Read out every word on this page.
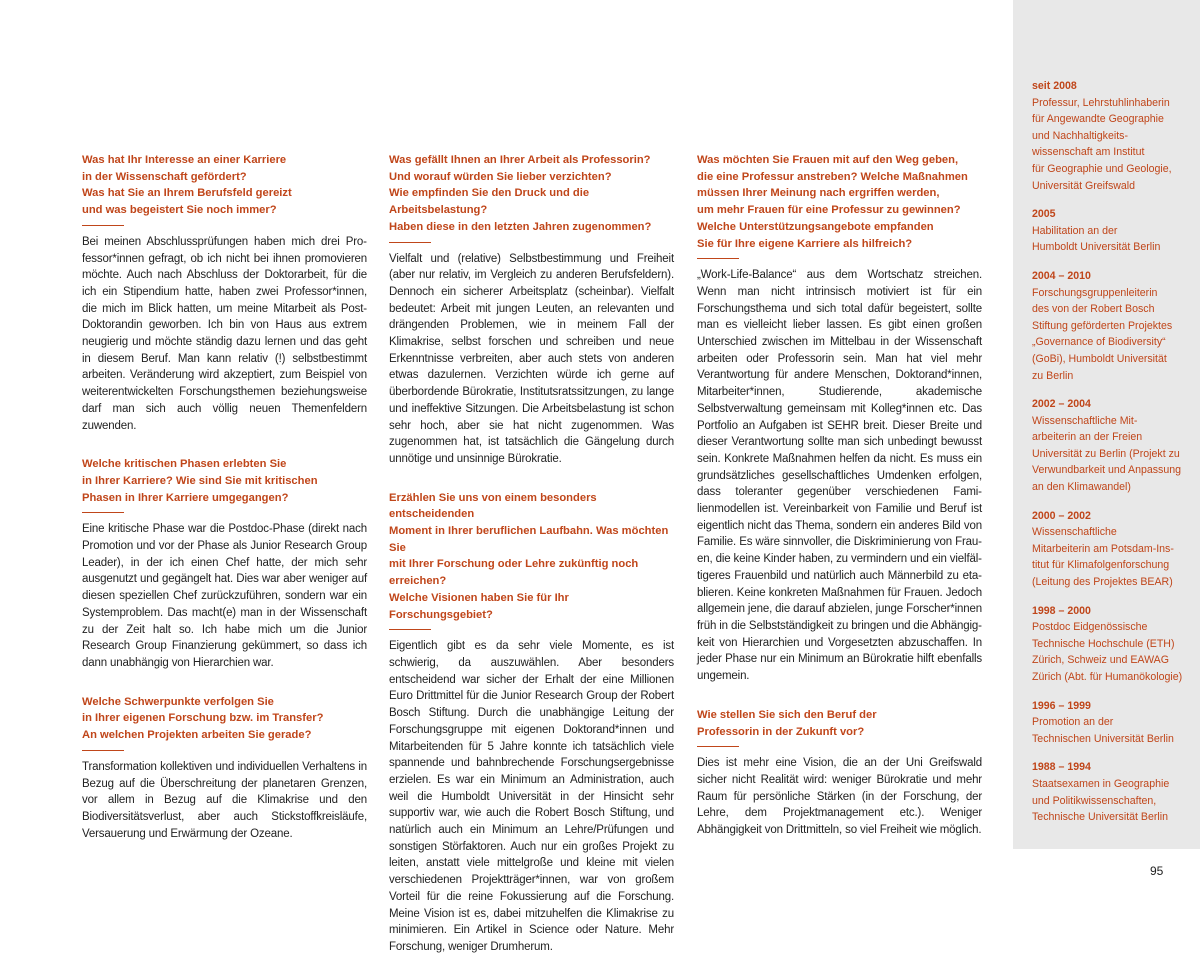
Was hat Ihr Interesse an einer Karriere
in der Wissenschaft gefördert?
Was hat Sie an Ihrem Berufsfeld gereizt
und was begeistert Sie noch immer?

Bei meinen Abschlussprüfungen haben mich drei Professor*innen gefragt, ob ich nicht bei ihnen promovieren möchte. Auch nach Abschluss der Doktorarbeit, für die ich ein Stipendium hatte, haben zwei Professor*innen, die mich im Blick hatten, um meine Mitarbeit als Post-Doktorandin geworben. Ich bin von Haus aus extrem neugierig und möchte ständig dazu lernen und das geht in diesem Beruf. Man kann relativ (!) selbstbestimmt arbeiten. Veränderung wird akzeptiert, zum Beispiel von weiterentwickelten Forschungsthemen beziehungsweise darf man sich auch völlig neuen Themenfeldern zuwenden.

Welche kritischen Phasen erlebten Sie
in Ihrer Karriere? Wie sind Sie mit kritischen
Phasen in Ihrer Karriere umgegangen?

Eine kritische Phase war die Postdoc-Phase (direkt nach Promotion und vor der Phase als Junior Research Group Leader), in der ich einen Chef hatte, der mich sehr ausgenutzt und gegängelt hat. Dies war aber weniger auf diesen speziellen Chef zurückzuführen, sondern war ein Systemproblem. Das macht(e) man in der Wissenschaft zu der Zeit halt so. Ich habe mich um die Junior Research Group Finanzierung gekümmert, so dass ich dann unabhängig von Hierarchien war.

Welche Schwerpunkte verfolgen Sie
in Ihrer eigenen Forschung bzw. im Transfer?
An welchen Projekten arbeiten Sie gerade?

Transformation kollektiven und individuellen Verhaltens in Bezug auf die Überschreitung der planetaren Grenzen, vor allem in Bezug auf die Klimakrise und den Biodiversitätsverlust, aber auch Stickstoffkreisläufe, Versauerung und Erwärmung der Ozeane.

Was gefällt Ihnen an Ihrer Arbeit als Professorin?
Und worauf würden Sie lieber verzichten?
Wie empfinden Sie den Druck und die Arbeitsbelastung?
Haben diese in den letzten Jahren zugenommen?

Vielfalt und (relative) Selbstbestimmung und Freiheit (aber nur relativ, im Vergleich zu anderen Berufsfeldern). Dennoch ein sicherer Arbeitsplatz (scheinbar). Vielfalt bedeutet: Arbeit mit jungen Leuten, an relevanten und drängenden Problemen, wie in meinem Fall der Klimakrise, selbst forschen und schreiben und neue Erkenntnisse verbreiten, aber auch stets von anderen etwas dazulernen. Verzichten würde ich gerne auf überbordende Bürokratie, Institutsratssitzungen, zu lange und ineffektive Sitzungen. Die Arbeitsbelastung ist schon sehr hoch, aber sie hat nicht zugenommen. Was zugenommen hat, ist tatsächlich die Gängelung durch unnötige und unsinnige Bürokratie.

Erzählen Sie uns von einem besonders entscheidenden
Moment in Ihrer beruflichen Laufbahn. Was möchten Sie
mit Ihrer Forschung oder Lehre zukünftig noch erreichen?
Welche Visionen haben Sie für Ihr Forschungsgebiet?

Eigentlich gibt es da sehr viele Momente, es ist schwierig, da auszuwählen. Aber besonders entscheidend war sicher der Erhalt der eine Millionen Euro Drittmittel für die Junior Research Group der Robert Bosch Stiftung. Durch die unabhängige Leitung der Forschungsgruppe mit eigenen Doktorand*innen und Mitarbeitenden für 5 Jahre konnte ich tatsächlich viele spannende und bahnbrechende Forschungsergebnisse erzielen. Es war ein Minimum an Administration, auch weil die Humboldt Universität in der Hinsicht sehr supportiv war, wie auch die Robert Bosch Stiftung, und natürlich auch ein Minimum an Lehre/Prüfungen und sonstigen Störfaktoren. Auch nur ein großes Projekt zu leiten, anstatt viele mittelgroße und kleine mit vielen verschiedenen Projektträger*innen, war von großem Vorteil für die reine Fokussierung auf die Forschung. Meine Vision ist es, dabei mitzuhelfen die Klimakrise zu minimieren. Ein Artikel in Science oder Nature. Mehr Forschung, weniger Drumherum.

Was möchten Sie Frauen mit auf den Weg geben,
die eine Professur anstreben? Welche Maßnahmen
müssen Ihrer Meinung nach ergriffen werden,
um mehr Frauen für eine Professur zu gewinnen?
Welche Unterstützungsangebote empfanden
Sie für Ihre eigene Karriere als hilfreich?

„Work-Life-Balance“ aus dem Wortschatz streichen. Wenn man nicht intrinsisch motiviert ist für ein Forschungsthema und sich total dafür begeistert, sollte man es vielleicht lieber lassen. Es gibt einen großen Unterschied zwischen im Mittelbau in der Wissenschaft arbeiten oder Professorin sein. Man hat viel mehr Verantwortung für andere Menschen, Doktorand*innen, Mitarbeiter*innen, Studierende, akademische Selbstverwaltung gemeinsam mit Kolleg*innen etc. Das Portfolio an Aufgaben ist SEHR breit. Dieser Breite und dieser Verantwortung sollte man sich unbedingt bewusst sein. Konkrete Maßnahmen helfen da nicht. Es muss ein grundsätzliches gesellschaftliches Umdenken erfolgen, dass toleranter gegenüber verschiedenen Familienmodellen ist. Vereinbarkeit von Familie und Beruf ist eigentlich nicht das Thema, sondern ein anderes Bild von Familie. Es wäre sinnvoller, die Diskriminierung von Frauen, die keine Kinder haben, zu vermindern und ein vielfältigeres Frauenbild und natürlich auch Männerbild zu etablieren. Keine konkreten Maßnahmen für Frauen. Jedoch allgemein jene, die darauf abzielen, junge Forscher*innen früh in die Selbstständigkeit zu bringen und die Abhängigkeit von Hierarchien und Vorgesetzten abzuschaffen. In jeder Phase nur ein Minimum an Bürokratie hilft ebenfalls ungemein.

Wie stellen Sie sich den Beruf der
Professorin in der Zukunft vor?

Dies ist mehr eine Vision, die an der Uni Greifswald sicher nicht Realität wird: weniger Bürokratie und mehr Raum für persönliche Stärken (in der Forschung, der Lehre, dem Projektmanagement etc.). Weniger Abhängigkeit von Drittmitteln, so viel Freiheit wie möglich.

seit 2008

Professur, Lehrstuhlinhaberin
für Angewandte Geographie
und Nachhaltigkeits-
wissenschaft am Institut
für Geographie und Geologie,
Universität Greifswald

2005

Habilitation an der
Humboldt Universität Berlin

2004 – 2010

Forschungsgruppenleiterin
des von der Robert Bosch
Stiftung geförderten Projektes
„Governance of Biodiversity“
(GoBi), Humboldt Universität
zu Berlin

2002 – 2004

Wissenschaftliche Mit-
arbeiterin an der Freien
Universität zu Berlin (Projekt zu
Verwundbarkeit und Anpassung
an den Klimawandel)

2000 – 2002

Wissenschaftliche
Mitarbeiterin am Potsdam-Ins-
titut für Klimafolgenforschung
(Leitung des Projektes BEAR)

1998 – 2000

Postdoc Eidgenössische
Technische Hochschule (ETH)
Zürich, Schweiz und EAWAG
Zürich (Abt. für Humanökologie)

1996 – 1999

Promotion an der
Technischen Universität Berlin

1988 – 1994

Staatsexamen in Geographie
und Politikwissenschaften,
Technische Universität Berlin

95
